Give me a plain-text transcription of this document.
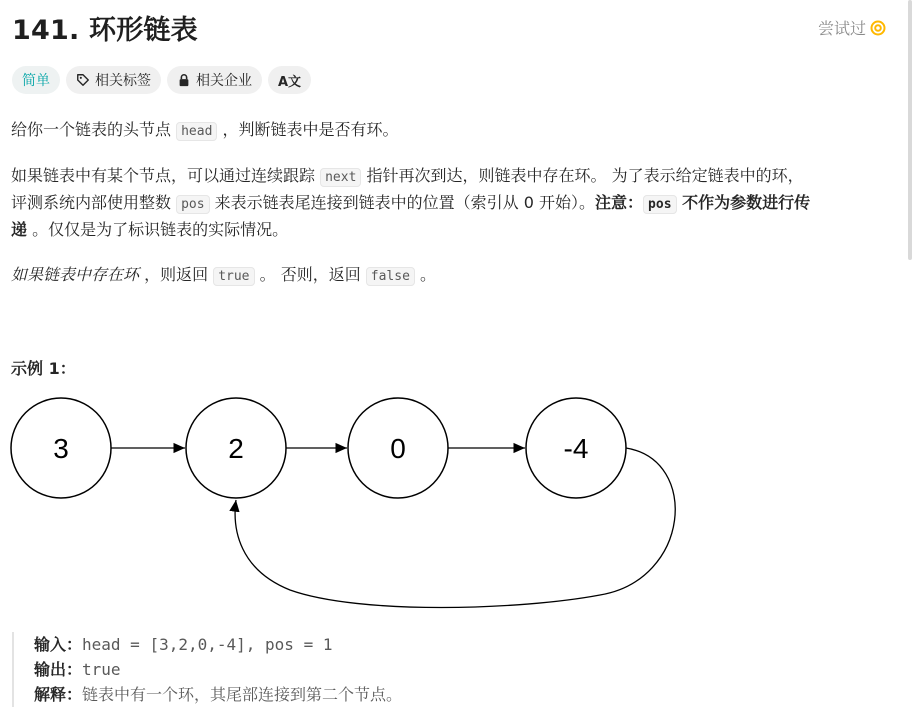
141. 环形链表	尝试过
简单	相关标签	相关企业 A文

给你一个链表的头节点 head ，判断链表中是否有环。

如果链表中有某个节点，可以通过连续跟踪 next 指针再次到达，则链表中存在环。 为了表示给定链表中的环，
评测系统内部使用整数 pos 来表示链表尾连接到链表中的位置（索引从 0 开始）。注意： pos 不作为参数进行传
递 。仅仅是为了标识链表的实际情况。

如果链表中存在环 ，则返回 true 。 否则，返回 false 。

示例 1：
3	2	0	-4
输入：head = [3,2,0,-4], pos = 1
输出：true
解释：链表中有一个环，其尾部连接到第二个节点。
